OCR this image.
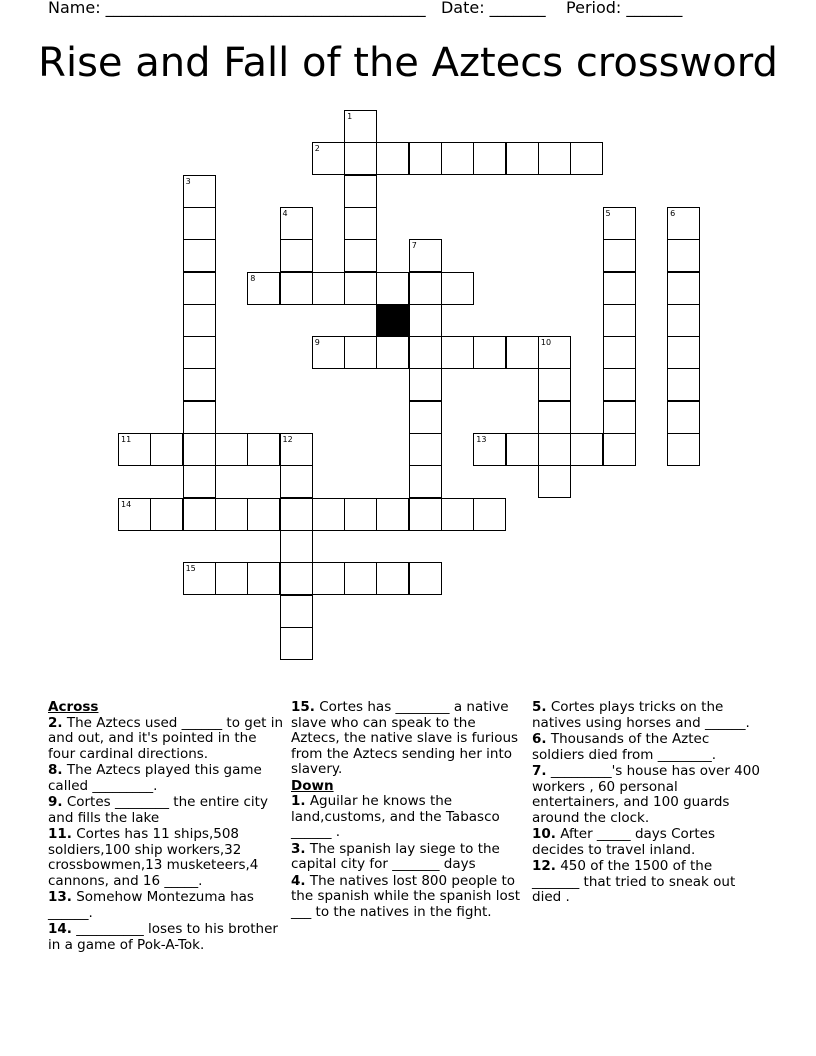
Name: ________________________________________ Date: _______ Period: _______
Rise and Fall of the Aztecs crossword
2
8
9	10
11	12	13
14
15
1
3
4	5	6
7
Across

2. The Aztecs used ______ to get in and out, and it's pointed in the four cardinal directions.

8. The Aztecs played this game called _________.

9. Cortes ________ the entire city and fills the lake

11. Cortes has 11 ships,508 soldiers,100 ship workers,32 crossbowmen,13 musketeers,4 cannons, and 16 _____.

13. Somehow Montezuma has ______.

14. __________ loses to his brother in a game of Pok-A-Tok.

15. Cortes has ________ a native slave who can speak to the Aztecs, the native slave is furious from the Aztecs sending her into slavery.

Down

1. Aguilar he knows the land,customs, and the Tabasco ______ .

3. The spanish lay siege to the capital city for _______ days

4. The natives lost 800 people to the spanish while the spanish lost ___ to the natives in the fight.

5. Cortes plays tricks on the natives using horses and ______.

6. Thousands of the Aztec soldiers died from ________.

7. _________'s house has over 400 workers , 60 personal entertainers, and 100 guards around the clock.

10. After _____ days Cortes decides to travel inland.

12. 450 of the 1500 of the _______ that tried to sneak out died .
